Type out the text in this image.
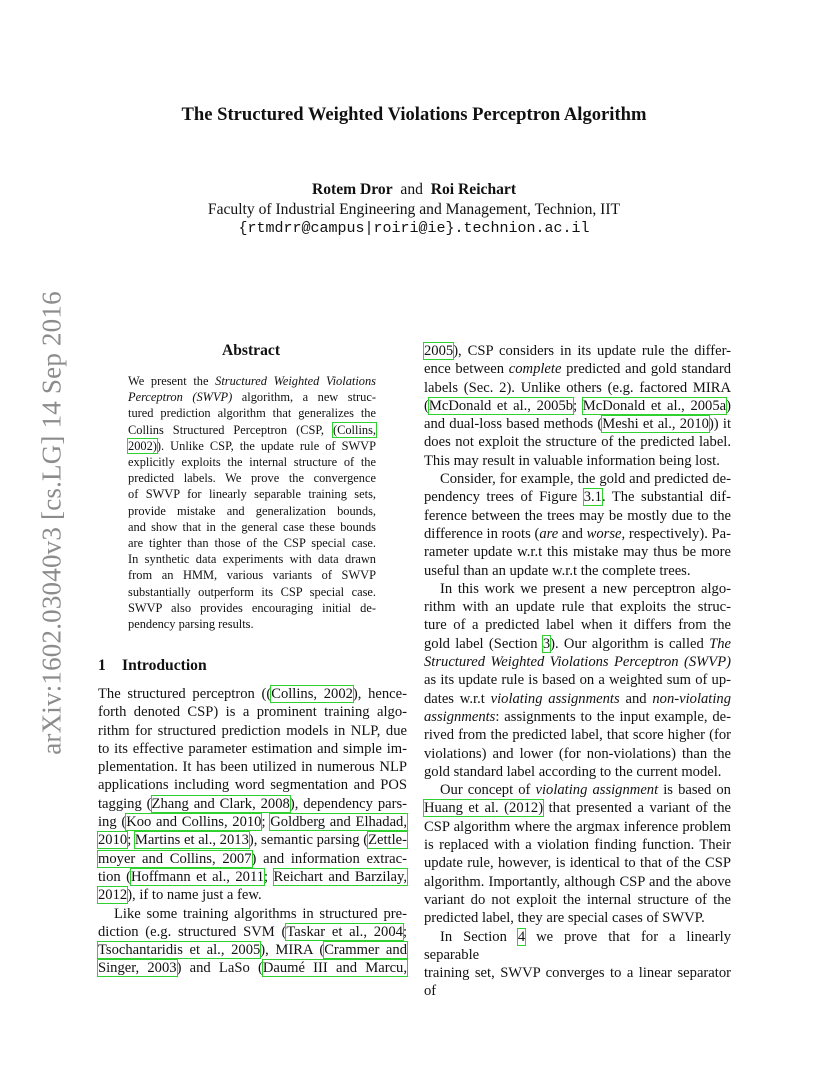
The Structured Weighted Violations Perceptron Algorithm
Rotem Dror and Roi Reichart
Faculty of Industrial Engineering and Management, Technion, IIT
{rtmdrr@campus|roiri@ie}.technion.ac.il
arXiv:1602.03040v3 [cs.LG] 14 Sep 2016	Abstract
We present the Structured Weighted Violations
Perceptron (SWVP) algorithm, a new struc-
tured prediction algorithm that generalizes the
Collins Structured Perceptron (CSP, (Collins,
2002)). Unlike CSP, the update rule of SWVP
explicitly exploits the internal structure of the
predicted labels. We prove the convergence
of SWVP for linearly separable training sets,
provide mistake and generalization bounds,
and show that in the general case these bounds
are tighter than those of the CSP special case.
In synthetic data experiments with data drawn
from an HMM, various variants of SWVP
substantially outperform its CSP special case.
SWVP also provides encouraging initial de-
pendency parsing results.
1 Introduction
The structured perceptron ((Collins, 2002), hence-
forth denoted CSP) is a prominent training algo-
rithm for structured prediction models in NLP, due
to its effective parameter estimation and simple im-
plementation. It has been utilized in numerous NLP
applications including word segmentation and POS
tagging (Zhang and Clark, 2008), dependency pars-
ing (Koo and Collins, 2010; Goldberg and Elhadad,
2010; Martins et al., 2013), semantic parsing (Zettle-
moyer and Collins, 2007) and information extrac-
tion (Hoffmann et al., 2011; Reichart and Barzilay,
2012), if to name just a few.
Like some training algorithms in structured pre-
diction (e.g. structured SVM (Taskar et al., 2004;
Tsochantaridis et al., 2005), MIRA (Crammer and
Singer, 2003) and LaSo (Daumé III and Marcu,
2005), CSP considers in its update rule the differ-
ence between complete predicted and gold standard
labels (Sec. 2). Unlike others (e.g. factored MIRA
(McDonald et al., 2005b; McDonald et al., 2005a)
and dual-loss based methods (Meshi et al., 2010)) it
does not exploit the structure of the predicted label.
This may result in valuable information being lost.
Consider, for example, the gold and predicted de-
pendency trees of Figure 3.1. The substantial dif-
ference between the trees may be mostly due to the
difference in roots (are and worse, respectively). Pa-
rameter update w.r.t this mistake may thus be more
useful than an update w.r.t the complete trees.
In this work we present a new perceptron algo-
rithm with an update rule that exploits the struc-
ture of a predicted label when it differs from the
gold label (Section 3). Our algorithm is called The
Structured Weighted Violations Perceptron (SWVP)
as its update rule is based on a weighted sum of up-
dates w.r.t violating assignments and non-violating
assignments: assignments to the input example, de-
rived from the predicted label, that score higher (for
violations) and lower (for non-violations) than the
gold standard label according to the current model.
Our concept of violating assignment is based on
Huang et al. (2012) that presented a variant of the
CSP algorithm where the argmax inference problem
is replaced with a violation finding function. Their
update rule, however, is identical to that of the CSP
algorithm. Importantly, although CSP and the above
variant do not exploit the internal structure of the
predicted label, they are special cases of SWVP.
In Section 4 we prove that for a linearly separable
training set, SWVP converges to a linear separator of
